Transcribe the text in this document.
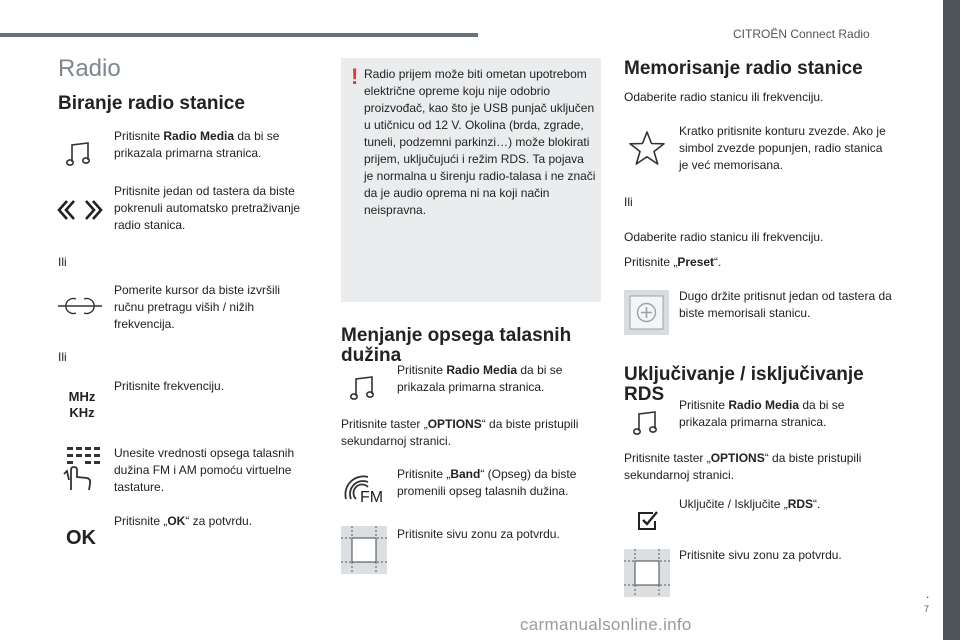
CITROËN Connect Radio
.
7
carmanualsonline.info
Radio
Biranje radio stanice
Pritisnite Radio Media da bi se prikazala primarna stranica.
Pritisnite jedan od tastera da biste pokrenuli automatsko pretraživanje radio stanica.
Ili
Pomerite kursor da biste izvršili ručnu pretragu viših / nižih frekvencija.
Ili
MHz
KHz
Pritisnite frekvenciju.
Unesite vrednosti opsega talasnih dužina FM i AM pomoću virtuelne tastature.
OK
Pritisnite „OK“ za potvrdu.
! Radio prijem može biti ometan upotrebom električne opreme koju nije odobrio proizvođač, kao što je USB punjač uključen u utičnicu od 12 V. Okolina (brda, zgrade, tuneli, podzemni parkinzi…) može blokirati prijem, uključujući i režim RDS. Ta pojava je normalna u širenju radio-talasa i ne znači da je audio oprema ni na koji način neispravna.
Menjanje opsega talasnih
dužina
Pritisnite Radio Media da bi se prikazala primarna stranica.
Pritisnite taster „OPTIONS“ da biste pristupili sekundarnoj stranici.
FM
Pritisnite „Band“ (Opseg) da biste promenili opseg talasnih dužina.
Pritisnite sivu zonu za potvrdu.
Memorisanje radio stanice
Odaberite radio stanicu ili frekvenciju.
Kratko pritisnite konturu zvezde. Ako je simbol zvezde popunjen, radio stanica je već memorisana.
Ili
Odaberite radio stanicu ili frekvenciju.
Pritisnite „Preset“.
Dugo držite pritisnut jedan od tastera da biste memorisali stanicu.
Uključivanje / isključivanje
RDS	Pritisnite Radio Media da bi se prikazala primarna stranica.
Pritisnite taster „OPTIONS“ da biste pristupili sekundarnoj stranici.
Uključite / Isključite „RDS“.
Pritisnite sivu zonu za potvrdu.
